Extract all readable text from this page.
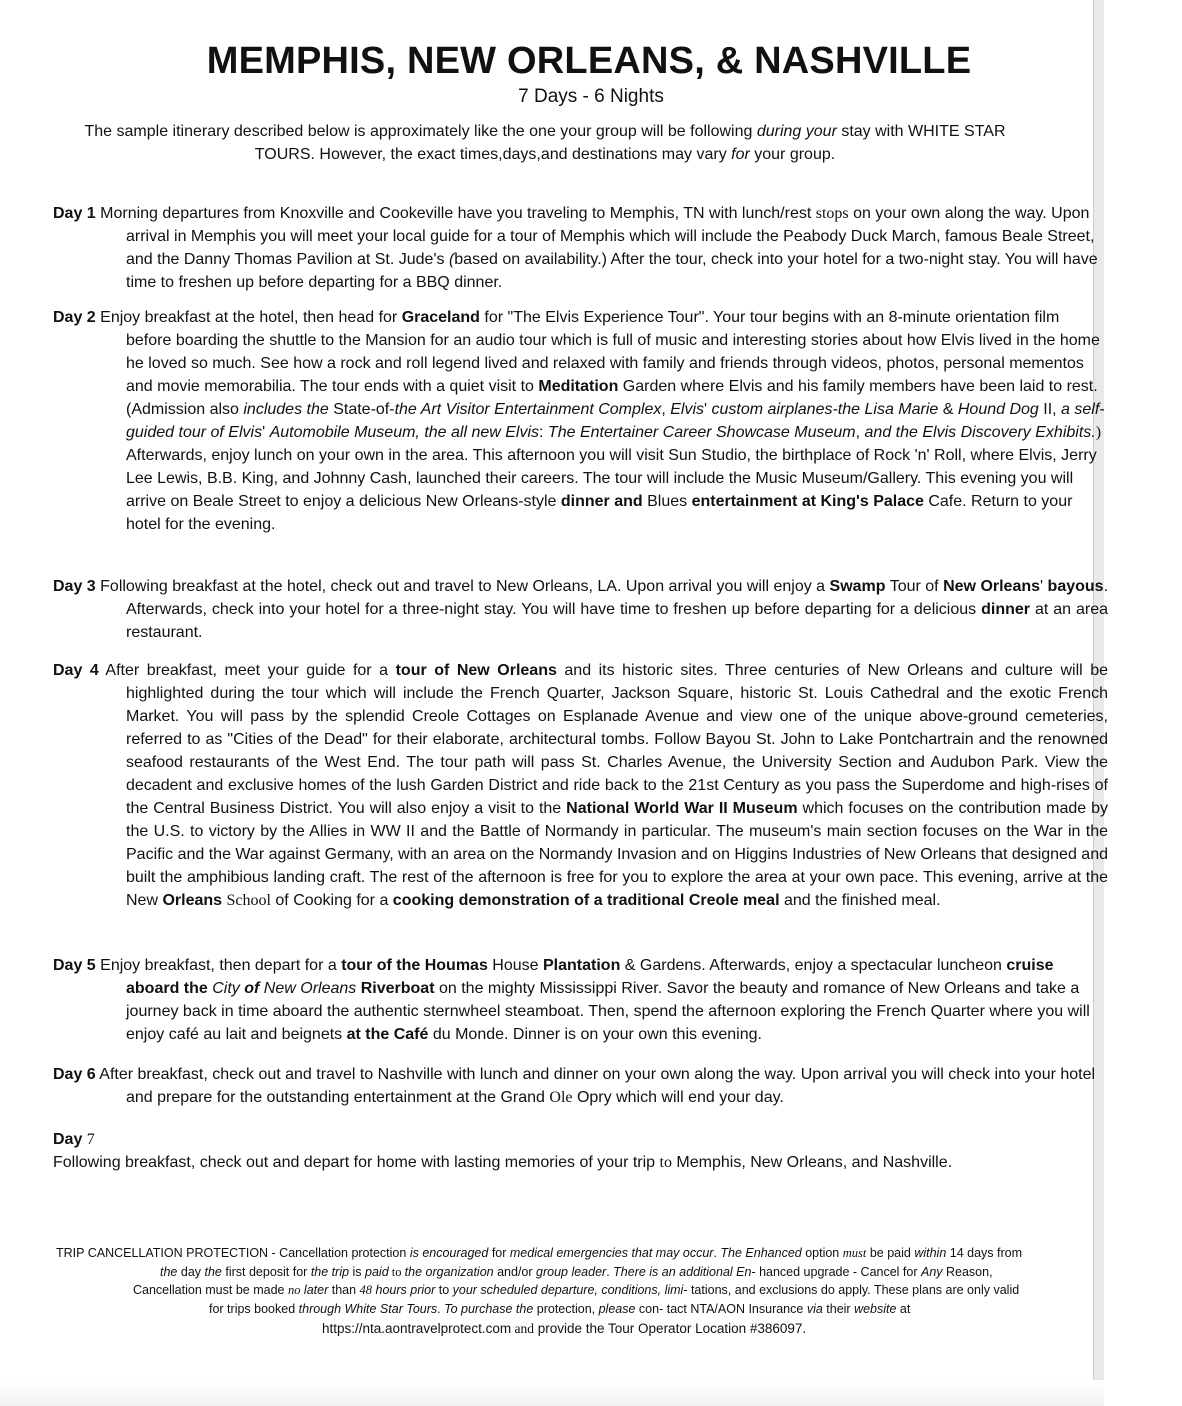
MEMPHIS, NEW ORLEANS, & NASHVILLE
7 Days - 6 Nights
The sample itinerary described below is approximately like the one your group will be following during your stay with WHITE STAR TOURS. However, the exact times,days,and destinations may vary for your group.

Day 1 Morning departures from Knoxville and Cookeville have you traveling to Memphis, TN with lunch/rest stops on your own along the way. Upon arrival in Memphis you will meet your local guide for a tour of Memphis which will include the Peabody Duck March, famous Beale Street, and the Danny Thomas Pavilion at St. Jude's (based on availability.) After the tour, check into your hotel for a two-night stay. You will have time to freshen up before departing for a BBQ dinner.

Day 2 Enjoy breakfast at the hotel, then head for Graceland for "The Elvis Experience Tour". Your tour begins with an 8-minute orientation film before boarding the shuttle to the Mansion for an audio tour which is full of music and interesting stories about how Elvis lived in the home he loved so much. See how a rock and roll legend lived and relaxed with family and friends through videos, photos, personal mementos and movie memorabilia. The tour ends with a quiet visit to Meditation Garden where Elvis and his family members have been laid to rest. (Admission also includes the State-of-the Art Visitor Entertainment Complex, Elvis' custom airplanes-the Lisa Marie & Hound Dog II, a self-guided tour of Elvis' Automobile Museum, the all new Elvis: The Entertainer Career Showcase Museum, and the Elvis Discovery Exhibits.) Afterwards, enjoy lunch on your own in the area. This afternoon you will visit Sun Studio, the birthplace of Rock 'n' Roll, where Elvis, Jerry Lee Lewis, B.B. King, and Johnny Cash, launched their careers. The tour will include the Music Museum/Gallery. This evening you will arrive on Beale Street to enjoy a delicious New Orleans-style dinner and Blues entertainment at King's Palace Cafe. Return to your hotel for the evening.

Day 3 Following breakfast at the hotel, check out and travel to New Orleans, LA. Upon arrival you will enjoy a Swamp Tour of New Orleans' bayous. Afterwards, check into your hotel for a three-night stay. You will have time to freshen up before departing for a delicious dinner at an area restaurant.

Day 4 After breakfast, meet your guide for a tour of New Orleans and its historic sites. Three centuries of New Orleans and culture will be highlighted during the tour which will include the French Quarter, Jackson Square, historic St. Louis Cathedral and the exotic French Market. You will pass by the splendid Creole Cottages on Esplanade Avenue and view one of the unique above-ground cemeteries, referred to as "Cities of the Dead" for their elaborate, architectural tombs. Follow Bayou St. John to Lake Pontchartrain and the renowned seafood restaurants of the West End. The tour path will pass St. Charles Avenue, the University Section and Audubon Park. View the decadent and exclusive homes of the lush Garden District and ride back to the 21st Century as you pass the Superdome and high-rises of the Central Business District. You will also enjoy a visit to the National World War II Museum which focuses on the contribution made by the U.S. to victory by the Allies in WW II and the Battle of Normandy in particular. The museum's main section focuses on the War in the Pacific and the War against Germany, with an area on the Normandy Invasion and on Higgins Industries of New Orleans that designed and built the amphibious landing craft. The rest of the afternoon is free for you to explore the area at your own pace. This evening, arrive at the New Orleans School of Cooking for a cooking demonstration of a traditional Creole meal and the finished meal.

Day 5 Enjoy breakfast, then depart for a tour of the Houmas House Plantation & Gardens. Afterwards, enjoy a spectacular luncheon cruise aboard the City of New Orleans Riverboat on the mighty Mississippi River. Savor the beauty and romance of New Orleans and take a journey back in time aboard the authentic sternwheel steamboat. Then, spend the afternoon exploring the French Quarter where you will enjoy café au lait and beignets at the Café du Monde. Dinner is on your own this evening.

Day 6 After breakfast, check out and travel to Nashville with lunch and dinner on your own along the way. Upon arrival you will check into your hotel and prepare for the outstanding entertainment at the Grand Ole Opry which will end your day.

Day 7

Following breakfast, check out and depart for home with lasting memories of your trip to Memphis, New Orleans, and Nashville.

TRIP CANCELLATION PROTECTION - Cancellation protection is encouraged for medical emergencies that may occur. The Enhanced option must be paid within 14 days from
the day the first deposit for the trip is paid to the organization and/or group leader. There is an additional En- hanced upgrade - Cancel for Any Reason,
Cancellation must be made no later than 48 hours prior to your scheduled departure, conditions, limi- tations, and exclusions do apply. These plans are only valid
for trips booked through White Star Tours. To purchase the protection, please con- tact NTA/AON Insurance via their website at
https://nta.aontravelprotect.com and provide the Tour Operator Location #386097.
